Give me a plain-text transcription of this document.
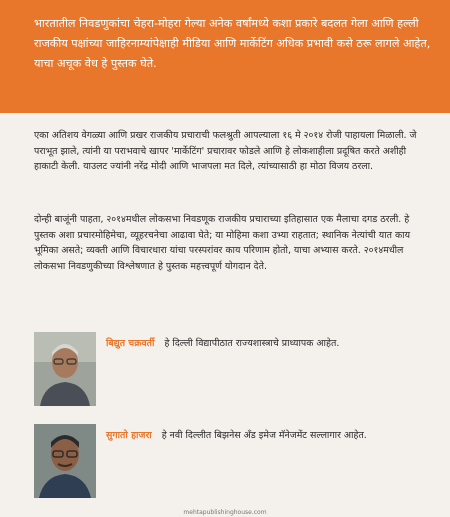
भारतातील निवडणुकांचा चेहरा-मोहरा गेल्या अनेक वर्षांमध्ये कशा प्रकारे बदलत गेला आणि हल्ली राजकीय पक्षांच्या जाहिरनाम्यांपेक्षाही मीडिया आणि मार्केटिंग अधिक प्रभावी कसे ठरू लागले आहेत, याचा अचूक वेध हे पुस्तक घेते.

एका अतिशय वेगळ्या आणि प्रखर राजकीय प्रचाराची फलश्रुती आपल्याला १६ मे २०१४ रोजी पाहायला मिळाली. जे पराभूत झाले, त्यांनी या पराभवाचे खापर 'मार्केटिंग' प्रचारावर फोडले आणि हे लोकशाहीला प्रदूषित करते अशीही हाकाटी केली. याउलट ज्यांनी नरेंद्र मोदी आणि भाजपला मत दिले, त्यांच्यासाठी हा मोठा विजय ठरला.

दोन्ही बाजूंनी पाहता, २०१४मधील लोकसभा निवडणूक राजकीय प्रचाराच्या इतिहासात एक मैलाचा दगड ठरली. हे पुस्तक अशा प्रचारमोहिमेचा, व्यूहरचनेचा आढावा घेते; या मोहिमा कशा उभ्या राहतात; स्थानिक नेत्यांची यात काय भूमिका असते; व्यक्ती आणि विचारधारा यांचा परस्परांवर काय परिणाम होतो, याचा अभ्यास करते. २०१४मधील लोकसभा निवडणुकीच्या विश्लेषणात हे पुस्तक महत्त्वपूर्ण योगदान देते.

बिद्युत चक्रवर्ती हे दिल्ली विद्यापीठात राज्यशास्त्राचे प्राध्यापक आहेत.
सुगातो हाजरा हे नवी दिल्लीत बिझनेस अँड इमेज मॅनेजमेंट सल्लागार आहेत.
mehtapublishinghouse.com
